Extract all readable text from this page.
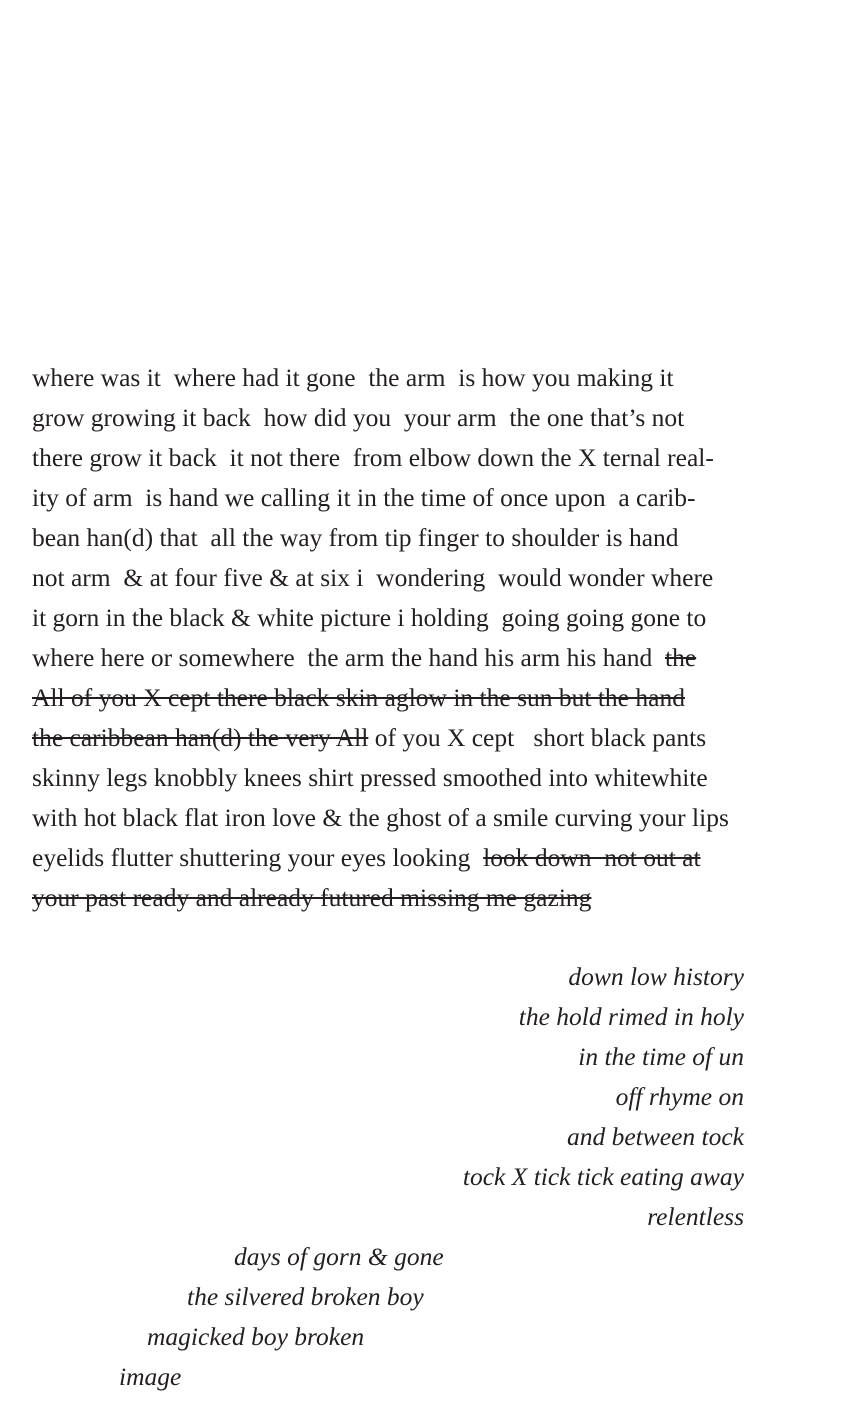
where was it  where had it gone  the arm  is how you making it
grow growing it back  how did you  your arm  the one that’s not
there grow it back  it not there  from elbow down the X ternal real-
ity of arm  is hand we calling it in the time of once upon  a carib-
bean han(d) that  all the way from tip finger to shoulder is hand
not arm  & at four five & at six i  wondering  would wonder where
it gorn in the black & white picture i holding  going going gone to
where here or somewhere  the arm the hand his arm his hand  the
All of you X cept there black skin aglow in the sun but the hand
the caribbean han(d) the very All of you X cept   short black pants
skinny legs knobbly knees shirt pressed smoothed into whitewhite
with hot black flat iron love & the ghost of a smile curving your lips
eyelids flutter shuttering your eyes looking  look down  not out at
your past ready and already futured missing me gazing
down low history
the hold rimed in holy
in the time of un
off rhyme on
and between tock
tock X tick tick eating away
relentless
days of gorn & gone
the silvered broken boy
magicked boy broken
image
